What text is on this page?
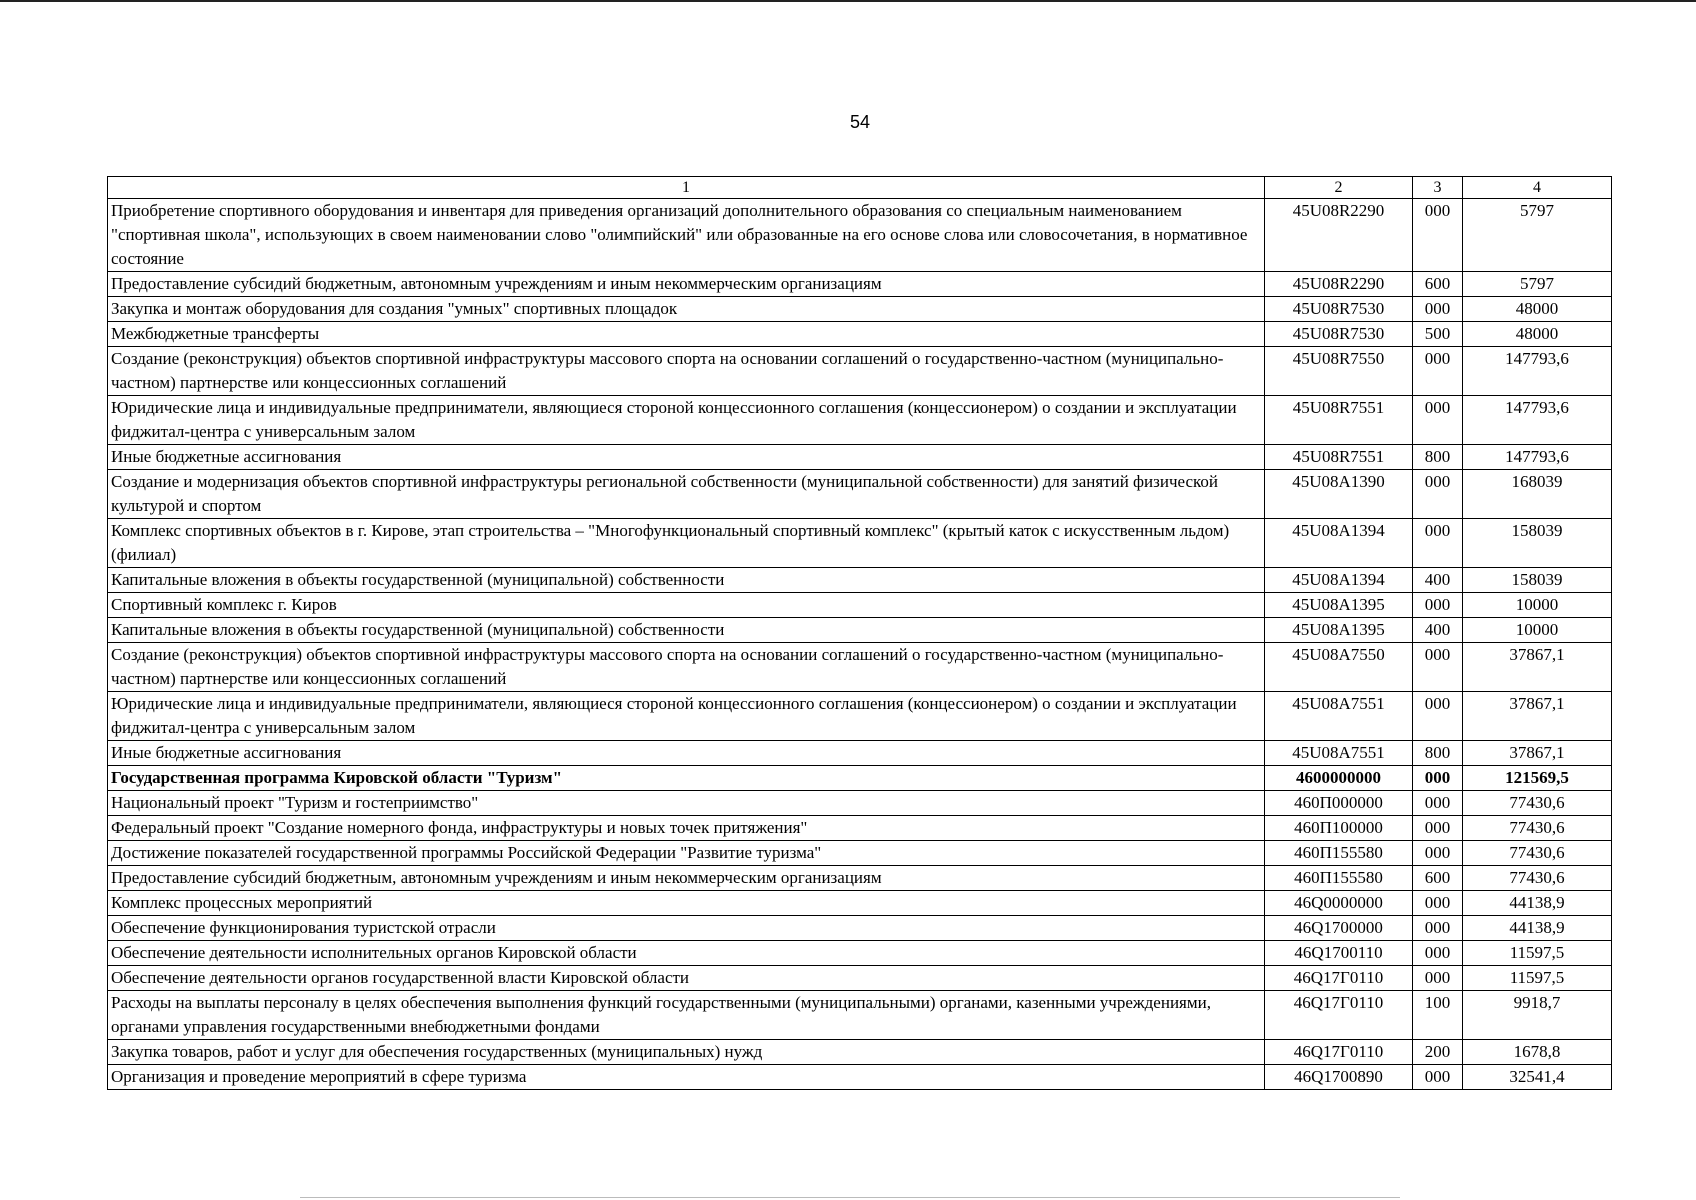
54
1	2	3	4
Приобретение спортивного оборудования и инвентаря для приведения организаций дополнительного образования со специальным наименованием "спортивная школа", использующих в своем наименовании слово "олимпийский" или образованные на его основе слова или словосочетания, в нормативное состояние	45U08R2290	000	5797
Предоставление субсидий бюджетным, автономным учреждениям и иным некоммерческим организациям	45U08R2290	600	5797
Закупка и монтаж оборудования для создания "умных" спортивных площадок	45U08R7530	000	48000
Межбюджетные трансферты	45U08R7530	500	48000
Создание (реконструкция) объектов спортивной инфраструктуры массового спорта на основании соглашений о государственно-частном (муниципально-частном) партнерстве или концессионных соглашений	45U08R7550	000	147793,6
Юридические лица и индивидуальные предприниматели, являющиеся стороной концессионного соглашения (концессионером) о создании и эксплуатации фиджитал-центра с универсальным залом	45U08R7551	000	147793,6
Иные бюджетные ассигнования	45U08R7551	800	147793,6
Создание и модернизация объектов спортивной инфраструктуры региональной собственности (муниципальной собственности) для занятий физической культурой и спортом	45U08A1390	000	168039
Комплекс спортивных объектов в г. Кирове, этап строительства – "Многофункциональный спортивный комплекс" (крытый каток с искусственным льдом) (филиал)	45U08A1394	000	158039
Капитальные вложения в объекты государственной (муниципальной) собственности	45U08A1394	400	158039
Спортивный комплекс г. Киров	45U08A1395	000	10000
Капитальные вложения в объекты государственной (муниципальной) собственности	45U08A1395	400	10000
Создание (реконструкция) объектов спортивной инфраструктуры массового спорта на основании соглашений о государственно-частном (муниципально-частном) партнерстве или концессионных соглашений	45U08A7550	000	37867,1
Юридические лица и индивидуальные предприниматели, являющиеся стороной концессионного соглашения (концессионером) о создании и эксплуатации фиджитал-центра с универсальным залом	45U08A7551	000	37867,1
Иные бюджетные ассигнования	45U08A7551	800	37867,1
Государственная программа Кировской области "Туризм"	4600000000	000	121569,5
Национальный проект "Туризм и гостеприимство"	460П000000	000	77430,6
Федеральный проект "Создание номерного фонда, инфраструктуры и новых точек притяжения"	460П100000	000	77430,6
Достижение показателей государственной программы Российской Федерации "Развитие туризма"	460П155580	000	77430,6
Предоставление субсидий бюджетным, автономным учреждениям и иным некоммерческим организациям	460П155580	600	77430,6
Комплекс процессных мероприятий	46Q0000000	000	44138,9
Обеспечение функционирования туристской отрасли	46Q1700000	000	44138,9
Обеспечение деятельности исполнительных органов Кировской области	46Q1700110	000	11597,5
Обеспечение деятельности органов государственной власти Кировской области	46Q17Г0110	000	11597,5
Расходы на выплаты персоналу в целях обеспечения выполнения функций государственными (муниципальными) органами, казенными учреждениями, органами управления государственными внебюджетными фондами	46Q17Г0110	100	9918,7
Закупка товаров, работ и услуг для обеспечения государственных (муниципальных) нужд	46Q17Г0110	200	1678,8
Организация и проведение мероприятий в сфере туризма	46Q1700890	000	32541,4
